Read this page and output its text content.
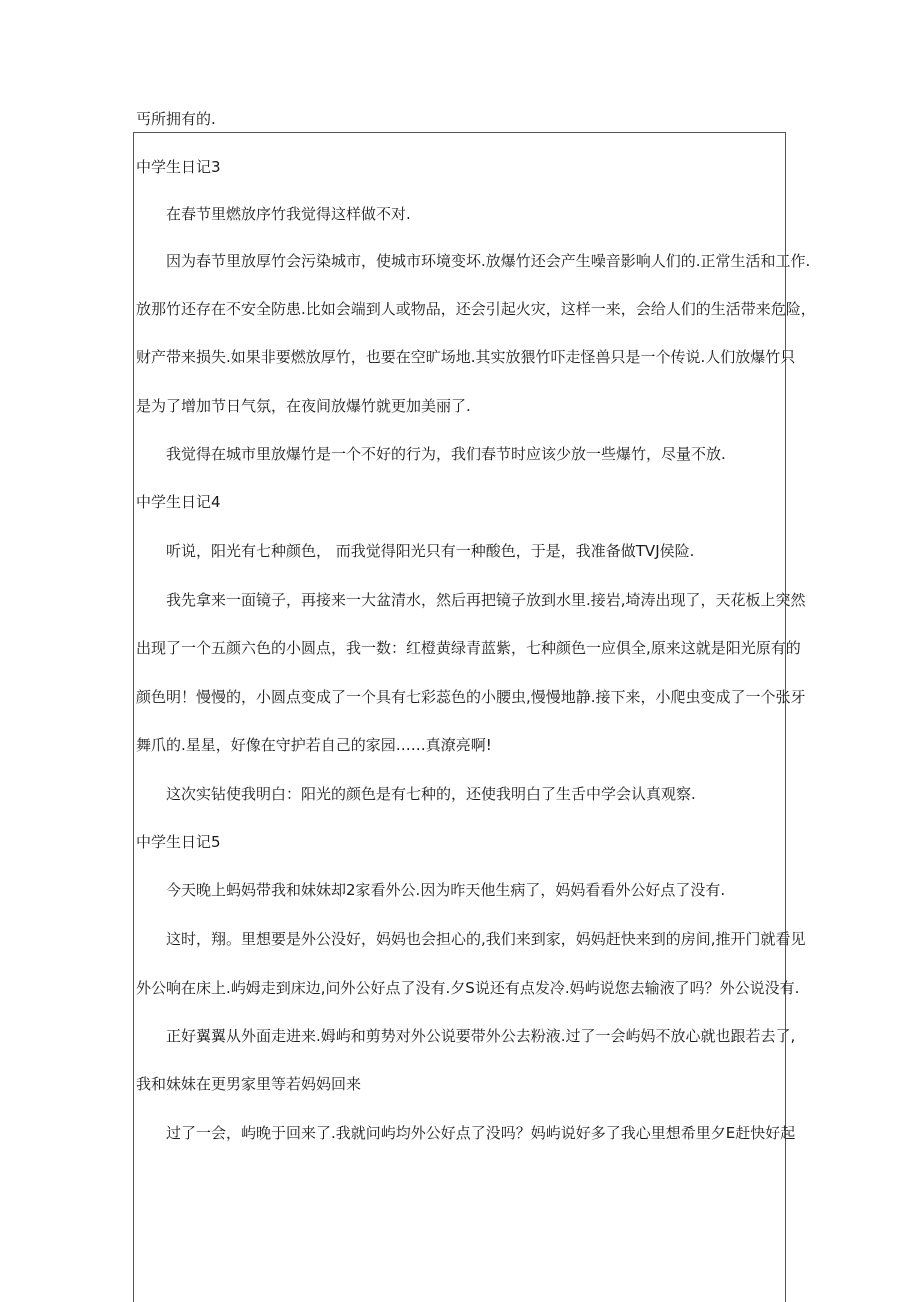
丐所拥有的.
中学生日记3
在春节里燃放序竹我觉得这样做不对.
因为春节里放厚竹会污染城市，使城市环境变坏.放爆竹还会产生噪音影响人们的.正常生活和工作.
放那竹还存在不安全防患.比如会端到人或物品，还会引起火灾，这样一来，会给人们的生活带来危险，
财产带来损失.如果非要燃放厚竹，也要在空旷场地.其实放猥竹吓走怪兽只是一个传说.人们放爆竹只
是为了增加节日气氛，在夜间放爆竹就更加美丽了.
我觉得在城市里放爆竹是一个不好的行为，我们春节时应该少放一些爆竹，尽量不放.
中学生日记4
听说，阳光有七种颜色， 而我觉得阳光只有一种酸色，于是，我准备做TVJ侯险.
我先拿来一面镜子，再接来一大盆清水，然后再把镜子放到水里.接岩,埼涛出现了，天花板上突然
出现了一个五颜六色的小圆点，我一数：红橙黄绿青蓝紫，七种颜色一应俱全,原来这就是阳光原有的
颜色明！慢慢的，小圆点变成了一个具有七彩蕊色的小腰虫,慢慢地静.接下来，小爬虫变成了一个张牙
舞爪的.星星，好像在守护若自己的家园……真潦亮啊!
这次实钻使我明白：阳光的颜色是有七种的，还使我明白了生舌中学会认真观察.
中学生日记5
今天晚上蚂妈带我和妹妹却2家看外公.因为昨天他生病了，妈妈看看外公好点了没有.
这时，翔。里想要是外公没好，妈妈也会担心的,我们来到家，妈妈赶快来到的房间,推开门就看见
外公响在床上.屿姆走到床边,问外公好点了没有.夕S说还有点发冷.妈屿说您去输液了吗？外公说没有.
正好翼翼从外面走进来.姆屿和剪势对外公说要带外公去粉液.过了一会屿妈不放心就也跟若去了,
我和妹妹在更男家里等若妈妈回来
过了一会，屿晚于回来了.我就问屿均外公好点了没吗？妈屿说好多了我心里想希里夕E赶快好起
